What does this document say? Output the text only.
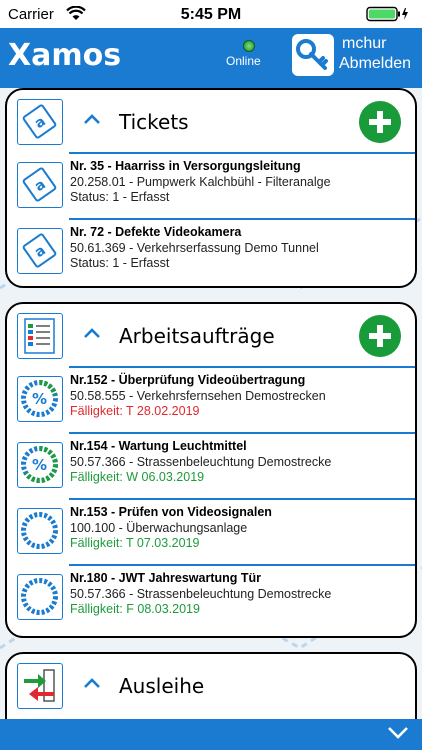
Carrier	5:45 PM
Xamos	Online
mchur
Abmelden
a	Tickets
a
Nr. 35 - Haarriss in Versorgungsleitung
20.258.01 - Pumpwerk Kalchbühl - Filteranalge
Status: 1 - Erfasst
a
Nr. 72 - Defekte Videokamera
50.61.369 - Verkehrserfassung Demo Tunnel
Status: 1 - Erfasst
Arbeitsaufträge
%
Nr.152 - Überprüfung Videoübertragung
50.58.555 - Verkehrsfernsehen Demostrecken
Fälligkeit: T 28.02.2019
%
Nr.154 - Wartung Leuchtmittel
50.57.366 - Strassenbeleuchtung Demostrecke
Fälligkeit: W 06.03.2019
Nr.153 - Prüfen von Videosignalen
100.100 - Überwachungsanlage
Fälligkeit: T 07.03.2019
Nr.180 - JWT Jahreswartung Tür
50.57.366 - Strassenbeleuchtung Demostrecke
Fälligkeit: F 08.03.2019
Ausleihe
